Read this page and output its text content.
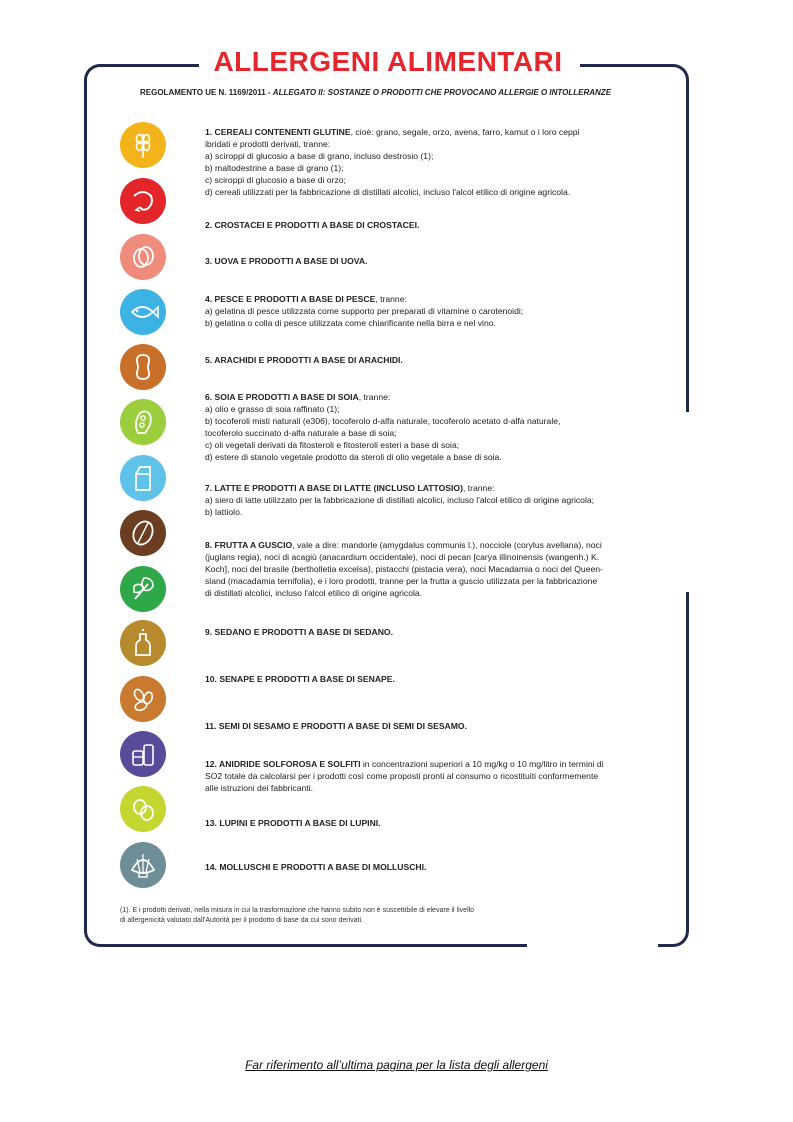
ALLERGENI ALIMENTARI
REGOLAMENTO UE N. 1169/2011 - ALLEGATO II: SOSTANZE O PRODOTTI CHE PROVOCANO ALLERGIE O INTOLLERANZE
1. CEREALI CONTENENTI GLUTINE, cioè: grano, segale, orzo, avena, farro, kamut o i loro ceppi
ibridati e prodotti derivati, tranne:
a) sciroppi di glucosio a base di grano, incluso destrosio (1);
b) maltodestrine a base di grano (1);
c) sciroppi di glucosio a base di orzo;
d) cereali utilizzati per la fabbricazione di distillati alcolici, incluso l'alcol etilico di origine agricola.
2. CROSTACEI E PRODOTTI A BASE DI CROSTACEI.
3. UOVA E PRODOTTI A BASE DI UOVA.
4. PESCE E PRODOTTI A BASE DI PESCE, tranne:
a) gelatina di pesce utilizzata come supporto per preparati di vitamine o carotenoidi;
b) gelatina o colla di pesce utilizzata come chiarificante nella birra e nel vino.
5. ARACHIDI E PRODOTTI A BASE DI ARACHIDI.
6. SOIA E PRODOTTI A BASE DI SOIA, tranne:
a) olio e grasso di soia raffinato (1);
b) tocoferoli misti naturali (e306), tocoferolo d-alfa naturale, tocoferolo acetato d-alfa naturale,
tocoferolo succinato d-alfa naturale a base di soia;
c) oli vegetali derivati da fitosteroli e fitosteroli esteri a base di soia;
d) estere di stanolo vegetale prodotto da steroli di olio vegetale a base di soia.
7. LATTE E PRODOTTI A BASE DI LATTE (INCLUSO LATTOSIO), tranne:
a) siero di latte utilizzato per la fabbricazione di distillati alcolici, incluso l'alcol etilico di origine agricola;
b) lattiolo.
8. FRUTTA A GUSCIO, vale a dire: mandorle (amygdalus communis l.), nocciole (corylus avellana), noci
(juglans regia), noci di acagiù (anacardium occidentale), noci di pecan [carya illinoinensis (wangenh.) K.
Koch], noci del brasile (bertholletia excelsa), pistacchi (pistacia vera), noci Macadamia o noci del Queen-
sland (macadamia ternifolia), e i loro prodotti, tranne per la frutta a guscio utilizzata per la fabbricazione
di distillati alcolici, incluso l'alcol etilico di origine agricola.
9. SEDANO E PRODOTTI A BASE DI SEDANO.
10. SENAPE E PRODOTTI A BASE DI SENAPE.
11. SEMI DI SESAMO E PRODOTTI A BASE DI SEMI DI SESAMO.
12. ANIDRIDE SOLFOROSA E SOLFITI in concentrazioni superiori a 10 mg/kg o 10 mg/litro in termini di
SO2 totale da calcolarsi per i prodotti così come proposti pronti al consumo o ricostituiti conformemente
alle istruzioni dei fabbricanti.
13. LUPINI E PRODOTTI A BASE DI LUPINI.
14. MOLLUSCHI E PRODOTTI A BASE DI MOLLUSCHI.
(1). E i prodotti derivati, nella misura in cui la trasformazione che hanno subito non è suscettibile di elevare il livello
di allergenicità valutato dall'Autorità per il prodotto di base da cui sono derivati.
Far riferimento all’ultima pagina per la lista degli allergeni
